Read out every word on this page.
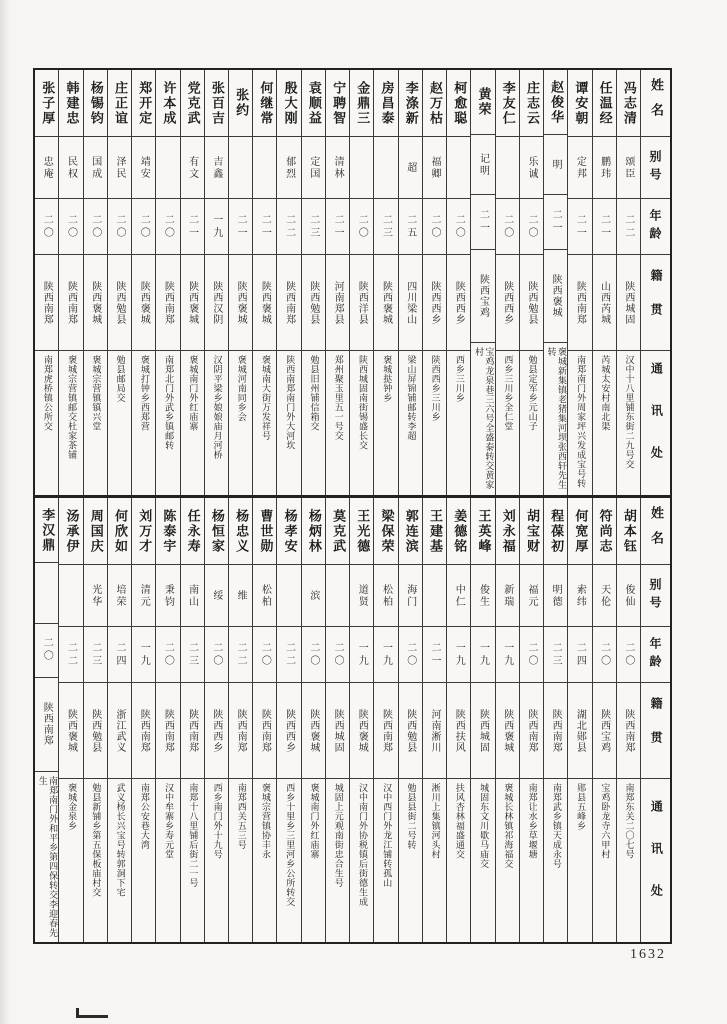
姓名
别号
年龄
籍贯
通讯处
冯志清
颂臣
二二
陕西城固
汉中十八里铺东街二九号交
任温经
鹏玮
二一
山西芮城
芮城太安村南北渠
谭安朝
定邦
二一
陕西南郑
南郑南门外周家坪兴发成宝号转
赵俊华
明
二一
陕西褒城
褒城新集镇老猪集河坝张西轩先生转
庄志云
乐诚
二〇
陕西勉县
勉县定军乡元山子
李友仁
二〇
陕西西乡
西乡三川乡全仁堂
黄荣
记明
二一
陕西宝鸡
宝鸡龙泉巷三六号全盛泰转交黄家村
柯愈聪
二〇
陕西西乡
西乡三川乡
赵万枯
福卿
二〇
陕西西乡
陕西西乡三川乡
李涤新
超
二五
四川梁山
梁山屏锦铺邮转李超
房昌泰
二三
陕西褒城
褒城挞钟乡
金鼎三
二〇
陕西洋县
陕西城固南街锡盛长交
宁聘智
清林
二一
河南郑县
郑州聚玉里五一号交
袁顺益
定国
二三
陕西勉县
勉县旧州铺信箱交
殷大刚
郁烈
二二
陕西南郑
陕西南郑南门外大河坎
何继常
二一
陕西褒城
褒城南大街万发祥号
张约
二一
陕西褒城
褒城河南同乡会
张百吉
吉鑫
一九
陕西汉阴
汉阴平梁乡娘娘庙月河桥
党克武
有文
二一
陕西褒城
褒城南门外红庙寨
许本成
二〇
陕西南郑
南郑北门外武乡镇邮转
郑开定
靖安
二〇
陕西褒城
褒城打钟乡西郑营
庄正谊
泽民
二〇
陕西勉县
勉县邮局交
杨锡钧
国成
二〇
陕西褒城
褒城宗营镇镇兴堂
韩建忠
民权
二〇
陕西南郑
褒城宗营镇邮交杜家茶铺
张子厚
忠庵
二〇
陕西南郑
南郑虎桥镇公所交
姓名
别号
年龄
籍贯
通讯处
胡本钰
俊仙
二〇
陕西南郑
南郑东关二〇七号
符尚志
天伦
二〇
陕西宝鸡
宝鸡卧龙寺六甲村
何宽厚
索纬
二四
湖北郧县
郧县五峰乡
程葆初
明德
二三
陕西南郑
南郑武乡镇天成永号
胡宝财
福元
二〇
陕西南郑
南郑让水乡草堰塘
刘永福
新瑞
一九
陕西褒城
褒城长林镇祁海福交
王英峰
俊生
一九
陕西城固
城固东文川歇马庙交
姜德铭
中仁
一九
陕西扶风
扶风杏林福盛通交
王建基
二一
河南淅川
淅川上集镇河头村
郭连滨
海门
二〇
陕西勉县
勉县县街二号转
梁保荣
松柏
一九
陕西南郑
汉中西门外龙江铺转孤山
王光德
道贤
一九
陕西褒城
汉中南门外协税镇后街德生成
莫克武
二〇
陕西城固
城固上元观南街忠合生号
杨炳林
滨
二〇
陕西褒城
褒城南门外红庙寨
杨孝安
二二
陕西西乡
西乡十里乡三里河乡公所转交
曹世勋
松柏
二〇
陕西南郑
褒城宗营镇协丰永
杨忠义
维
二二
陕西南郑
南郑西关五三号
杨恒家
绥
二〇
陕西西乡
西乡南门外十九号
任永寿
南山
二三
陕西南郑
南郑十八里铺后街二一号
陈泰宇
秉钧
二〇
陕西南郑
汉中牟寨乡寿元堂
刘万才
清元
一九
陕西南郑
南郑公安巷大湾
何欣如
培荣
二四
浙江武义
武义杨长兴宝号转郭洞下宅
周国庆
光华
二三
陕西勉县
勉县新铺乡第五保板庙村交
汤承伊
二二
陕西褒城
褒城金泉乡
李汉鼎
二〇
陕西南郑
南郑南门外和平乡第四保转交李迎春先生
1632
